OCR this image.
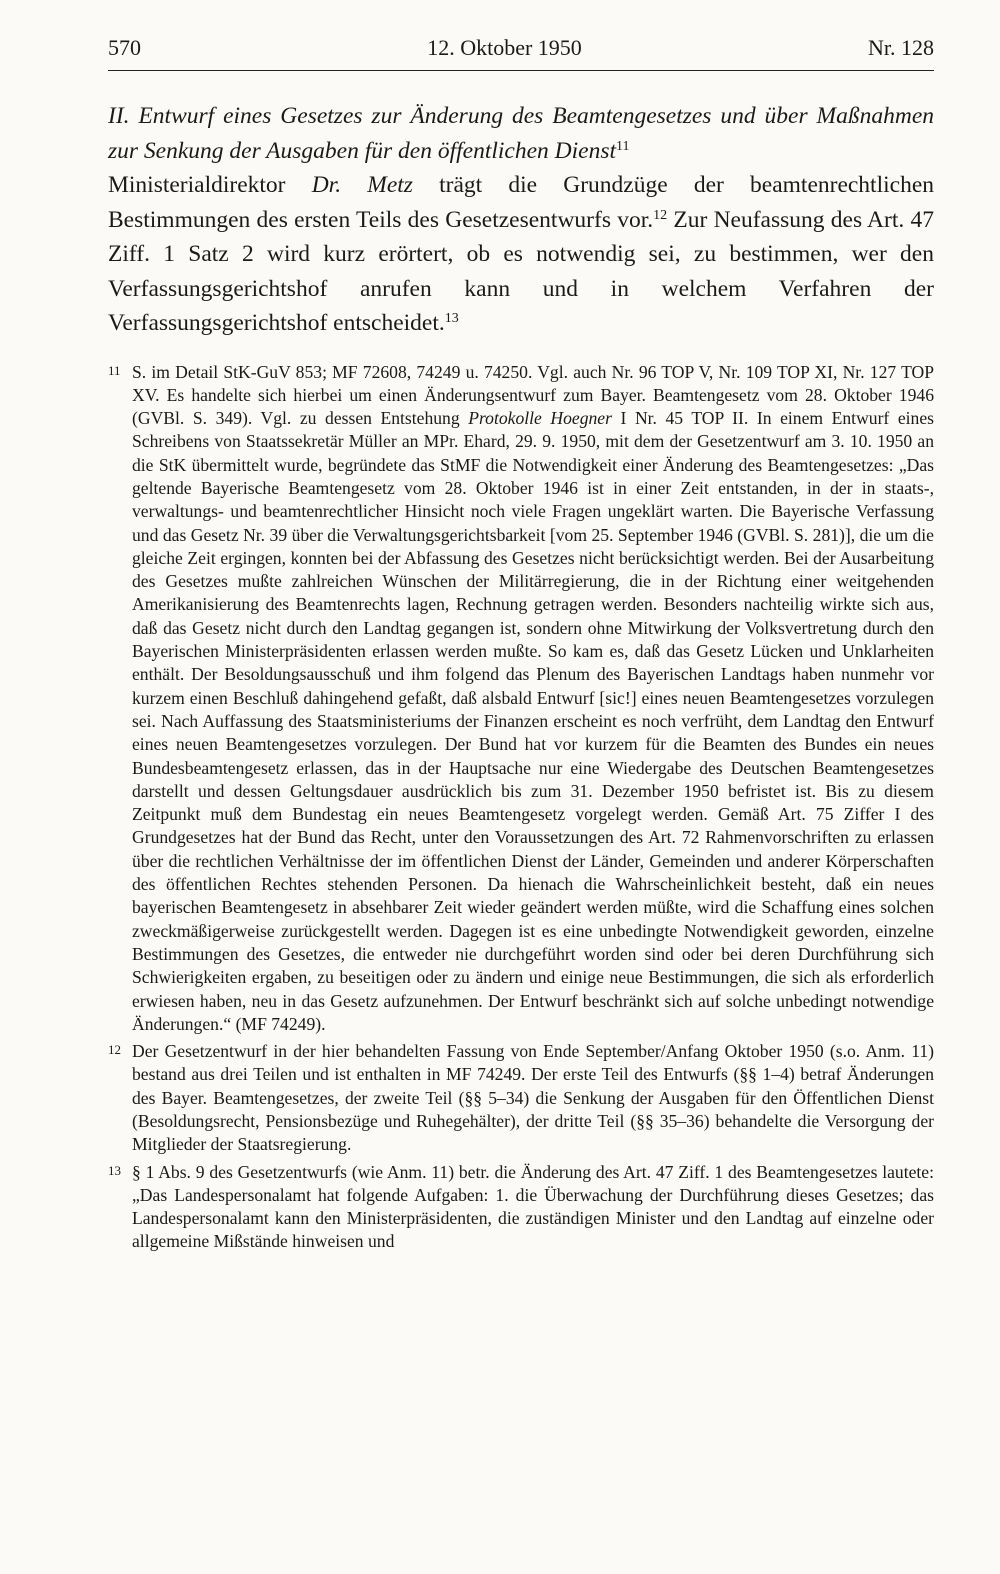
570	12. Oktober 1950	Nr. 128
II. Entwurf eines Gesetzes zur Änderung des Beamtengesetzes und über Maßnahmen zur Senkung der Ausgaben für den öffentlichen Dienst$^{11}$
Ministerialdirektor Dr. Metz trägt die Grundzüge der beamtenrechtlichen Bestimmungen des ersten Teils des Gesetzesentwurfs vor.$^{12}$ Zur Neufassung des Art. 47 Ziff. 1 Satz 2 wird kurz erörtert, ob es notwendig sei, zu bestimmen, wer den Verfassungsgerichtshof anrufen kann und in welchem Verfahren der Verfassungsgerichtshof entscheidet.$^{13}$
11 S. im Detail StK-GuV 853; MF 72608, 74249 u. 74250. Vgl. auch Nr. 96 TOP V, Nr. 109 TOP XI, Nr. 127 TOP XV. Es handelte sich hierbei um einen Änderungsentwurf zum Bayer. Beamtengesetz vom 28. Oktober 1946 (GVBl. S. 349). Vgl. zu dessen Entstehung Protokolle Hoegner I Nr. 45 TOP II. In einem Entwurf eines Schreibens von Staatssekretär Müller an MPr. Ehard, 29. 9. 1950, mit dem der Gesetzentwurf am 3. 10. 1950 an die StK übermittelt wurde, begründete das StMF die Notwendigkeit einer Änderung des Beamtengesetzes: „Das geltende Bayerische Beamtengesetz vom 28. Oktober 1946 ist in einer Zeit entstanden, in der in staats-, verwaltungs- und beamtenrechtlicher Hinsicht noch viele Fragen ungeklärt warten. Die Bayerische Verfassung und das Gesetz Nr. 39 über die Verwaltungsgerichtsbarkeit [vom 25. September 1946 (GVBl. S. 281)], die um die gleiche Zeit ergingen, konnten bei der Abfassung des Gesetzes nicht berücksichtigt werden. Bei der Ausarbeitung des Gesetzes mußte zahlreichen Wünschen der Militärregierung, die in der Richtung einer weitgehenden Amerikanisierung des Beamtenrechts lagen, Rechnung getragen werden. Besonders nachteilig wirkte sich aus, daß das Gesetz nicht durch den Landtag gegangen ist, sondern ohne Mitwirkung der Volksvertretung durch den Bayerischen Ministerpräsidenten erlassen werden mußte. So kam es, daß das Gesetz Lücken und Unklarheiten enthält. Der Besoldungsausschuß und ihm folgend das Plenum des Bayerischen Landtags haben nunmehr vor kurzem einen Beschluß dahingehend gefaßt, daß alsbald Entwurf [sic!] eines neuen Beamtengesetzes vorzulegen sei. Nach Auffassung des Staatsministeriums der Finanzen erscheint es noch verfrüht, dem Landtag den Entwurf eines neuen Beamtengesetzes vorzulegen. Der Bund hat vor kurzem für die Beamten des Bundes ein neues Bundesbeamtengesetz erlassen, das in der Hauptsache nur eine Wiedergabe des Deutschen Beamtengesetzes darstellt und dessen Geltungsdauer ausdrücklich bis zum 31. Dezember 1950 befristet ist. Bis zu diesem Zeitpunkt muß dem Bundestag ein neues Beamtengesetz vorgelegt werden. Gemäß Art. 75 Ziffer I des Grundgesetzes hat der Bund das Recht, unter den Voraussetzungen des Art. 72 Rahmenvorschriften zu erlassen über die rechtlichen Verhältnisse der im öffentlichen Dienst der Länder, Gemeinden und anderer Körperschaften des öffentlichen Rechtes stehenden Personen. Da hienach die Wahrscheinlichkeit besteht, daß ein neues bayerischen Beamtengesetz in absehbarer Zeit wieder geändert werden müßte, wird die Schaffung eines solchen zweckmäßigerweise zurückgestellt werden. Dagegen ist es eine unbedingte Notwendigkeit geworden, einzelne Bestimmungen des Gesetzes, die entweder nie durchgeführt worden sind oder bei deren Durchführung sich Schwierigkeiten ergaben, zu beseitigen oder zu ändern und einige neue Bestimmungen, die sich als erforderlich erwiesen haben, neu in das Gesetz aufzunehmen. Der Entwurf beschränkt sich auf solche unbedingt notwendige Änderungen.“ (MF 74249).
12 Der Gesetzentwurf in der hier behandelten Fassung von Ende September/Anfang Oktober 1950 (s.o. Anm. 11) bestand aus drei Teilen und ist enthalten in MF 74249. Der erste Teil des Entwurfs (§§ 1–4) betraf Änderungen des Bayer. Beamtengesetzes, der zweite Teil (§§ 5–34) die Senkung der Ausgaben für den Öffentlichen Dienst (Besoldungsrecht, Pensionsbezüge und Ruhegehälter), der dritte Teil (§§ 35–36) behandelte die Versorgung der Mitglieder der Staatsregierung.
13 § 1 Abs. 9 des Gesetzentwurfs (wie Anm. 11) betr. die Änderung des Art. 47 Ziff. 1 des Beamtengesetzes lautete: „Das Landespersonalamt hat folgende Aufgaben: 1. die Überwachung der Durchführung dieses Gesetzes; das Landespersonalamt kann den Ministerpräsidenten, die zuständigen Minister und den Landtag auf einzelne oder allgemeine Mißstände hinweisen und
